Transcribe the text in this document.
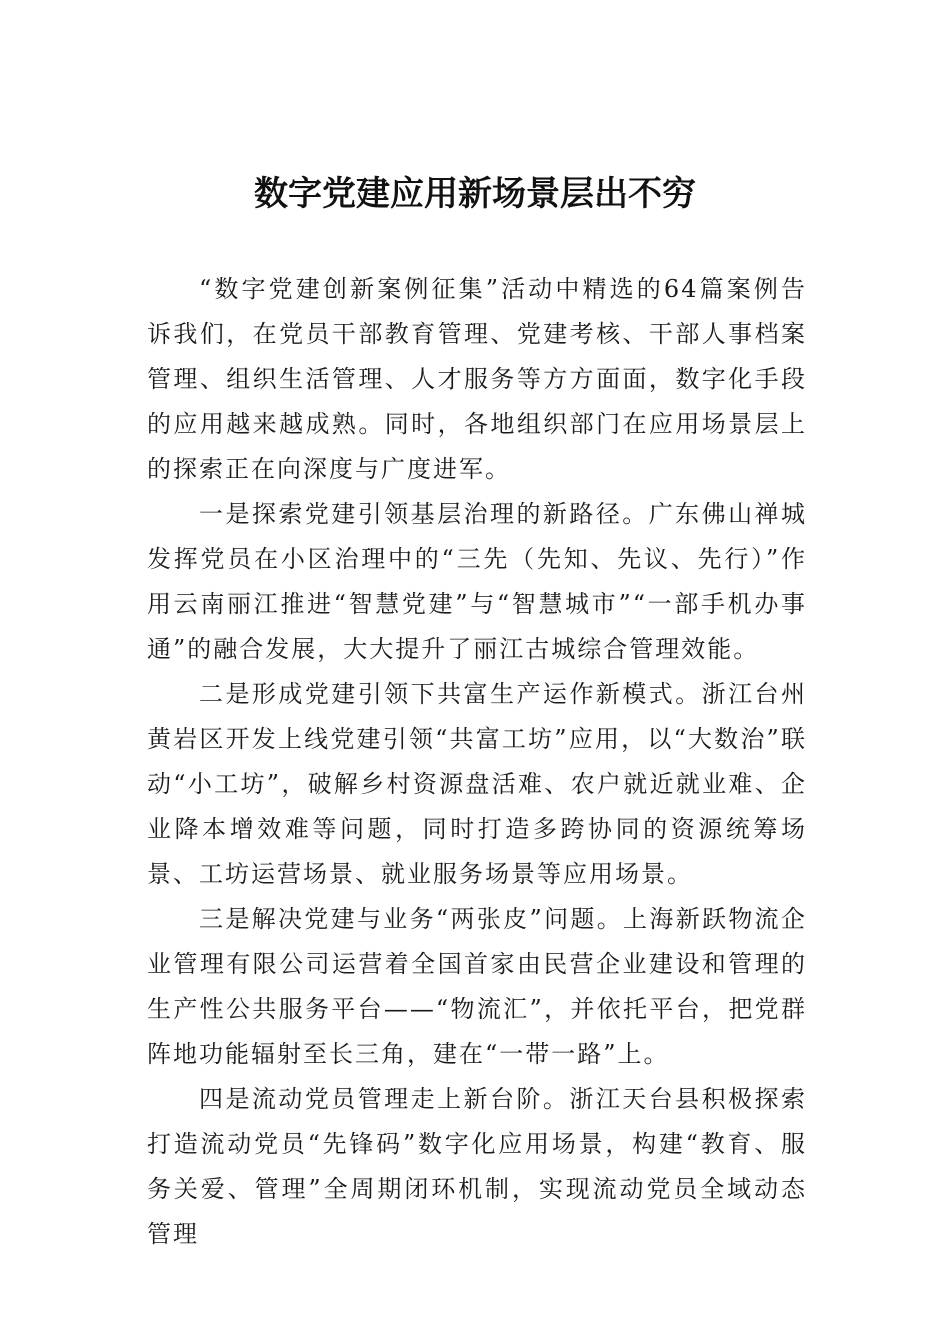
数字党建应用新场景层出不穷

“数字党建创新案例征集”活动中精选的64篇案例告诉我们，在党员干部教育管理、党建考核、干部人事档案管理、组织生活管理、人才服务等方方面面，数字化手段的应用越来越成熟。同时，各地组织部门在应用场景层上的探索正在向深度与广度进军。

一是探索党建引领基层治理的新路径。广东佛山禅城发挥党员在小区治理中的“三先（先知、先议、先行）”作用云南丽江推进“智慧党建”与“智慧城市”“一部手机办事通”的融合发展，大大提升了丽江古城综合管理效能。

二是形成党建引领下共富生产运作新模式。浙江台州黄岩区开发上线党建引领“共富工坊”应用，以“大数治”联动“小工坊”，破解乡村资源盘活难、农户就近就业难、企业降本增效难等问题，同时打造多跨协同的资源统筹场景、工坊运营场景、就业服务场景等应用场景。

三是解决党建与业务“两张皮”问题。上海新跃物流企业管理有限公司运营着全国首家由民营企业建设和管理的生产性公共服务平台——“物流汇”，并依托平台，把党群阵地功能辐射至长三角，建在“一带一路”上。

四是流动党员管理走上新台阶。浙江天台县积极探索打造流动党员“先锋码”数字化应用场景，构建“教育、服务关爱、管理”全周期闭环机制，实现流动党员全域动态管理
